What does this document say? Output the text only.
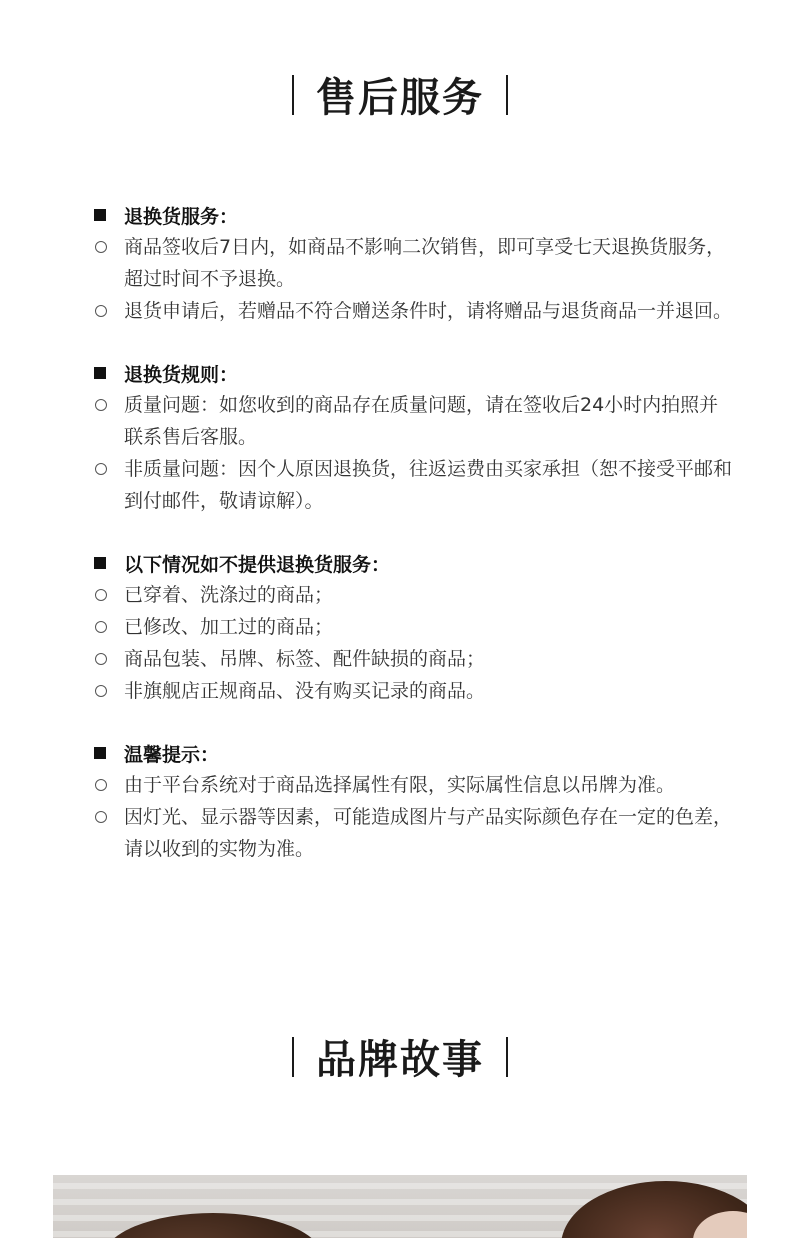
售后服务
退换货服务：
商品签收后7日内，如商品不影响二次销售，即可享受七天退换货服务，超过时间不予退换。
退货申请后，若赠品不符合赠送条件时，请将赠品与退货商品一并退回。
退换货规则：
质量问题：如您收到的商品存在质量问题，请在签收后24小时内拍照并联系售后客服。
非质量问题：因个人原因退换货，往返运费由买家承担（恕不接受平邮和到付邮件，敬请谅解）。
以下情况如不提供退换货服务：
已穿着、洗涤过的商品；
已修改、加工过的商品；
商品包装、吊牌、标签、配件缺损的商品；
非旗舰店正规商品、没有购买记录的商品。
温馨提示：
由于平台系统对于商品选择属性有限，实际属性信息以吊牌为准。
因灯光、显示器等因素，可能造成图片与产品实际颜色存在一定的色差，请以收到的实物为准。
品牌故事
